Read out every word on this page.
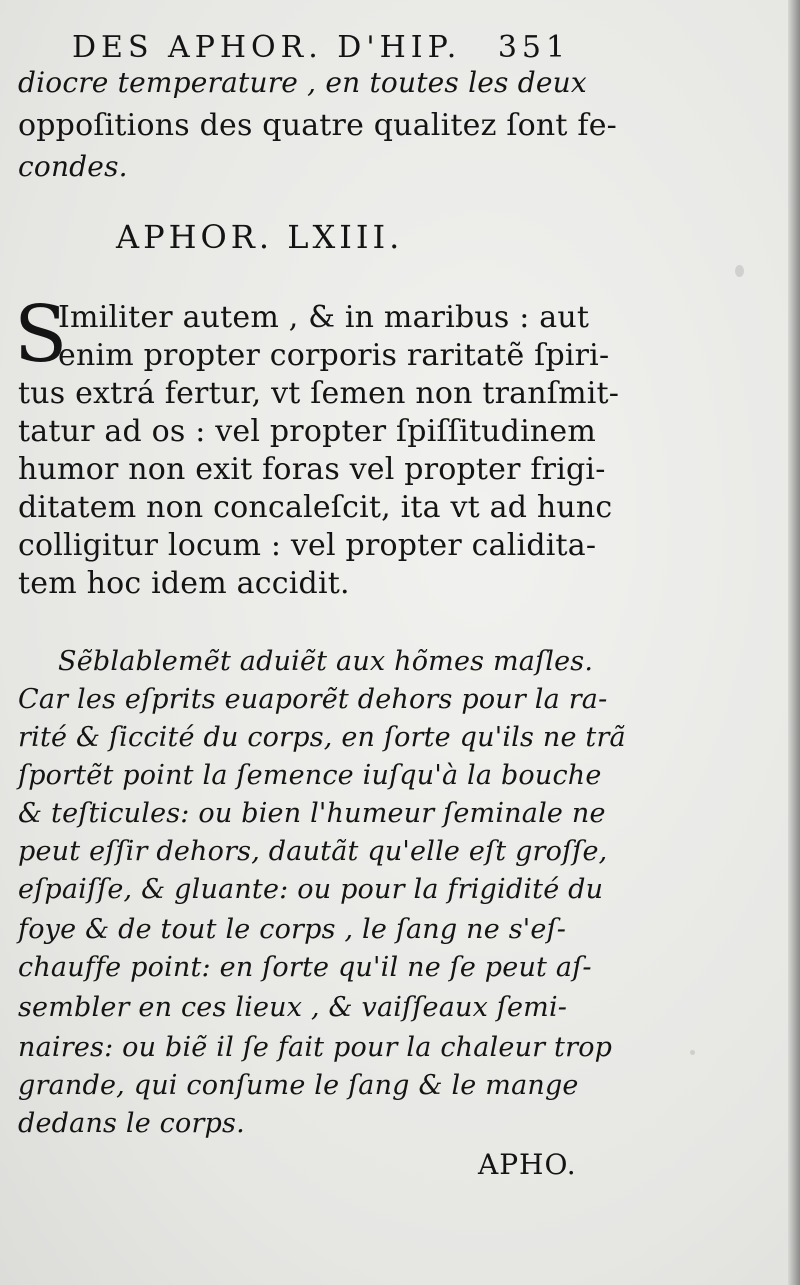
DES APHOR. D'HIP. 351
diocre temperature , en toutes les deux
oppoſitions des quatre qualitez ſont fe-
condes.
APHOR. LXIII.
S
Imiliter autem , & in maribus : aut
enim propter corporis raritatẽ ſpiri-
tus extrá fertur, vt ſemen non tranſmit-
tatur ad os : vel propter ſpiſſitudinem
humor non exit foras vel propter frigi-
ditatem non concaleſcit, ita vt ad hunc
colligitur locum : vel propter calidita-
tem hoc idem accidit.
Sẽblablemẽt aduiẽt aux hõmes maſles.
Car les eſprits euaporẽt dehors pour la ra-
rité & ſiccité du corps, en ſorte qu'ils ne trã
ſportẽt point la ſemence iuſqu'à la bouche
& teſticules: ou bien l'humeur ſeminale ne
peut eſſir dehors, dautãt qu'elle eſt groſſe,
eſpaiſſe, & gluante: ou pour la frigidité du
foye & de tout le corps , le ſang ne s'eſ-
chauffe point: en ſorte qu'il ne ſe peut aſ-
sembler en ces lieux , & vaiſſeaux ſemi-
naires: ou biẽ il ſe fait pour la chaleur trop
grande, qui conſume le ſang & le mange
dedans le corps.
APHO.
